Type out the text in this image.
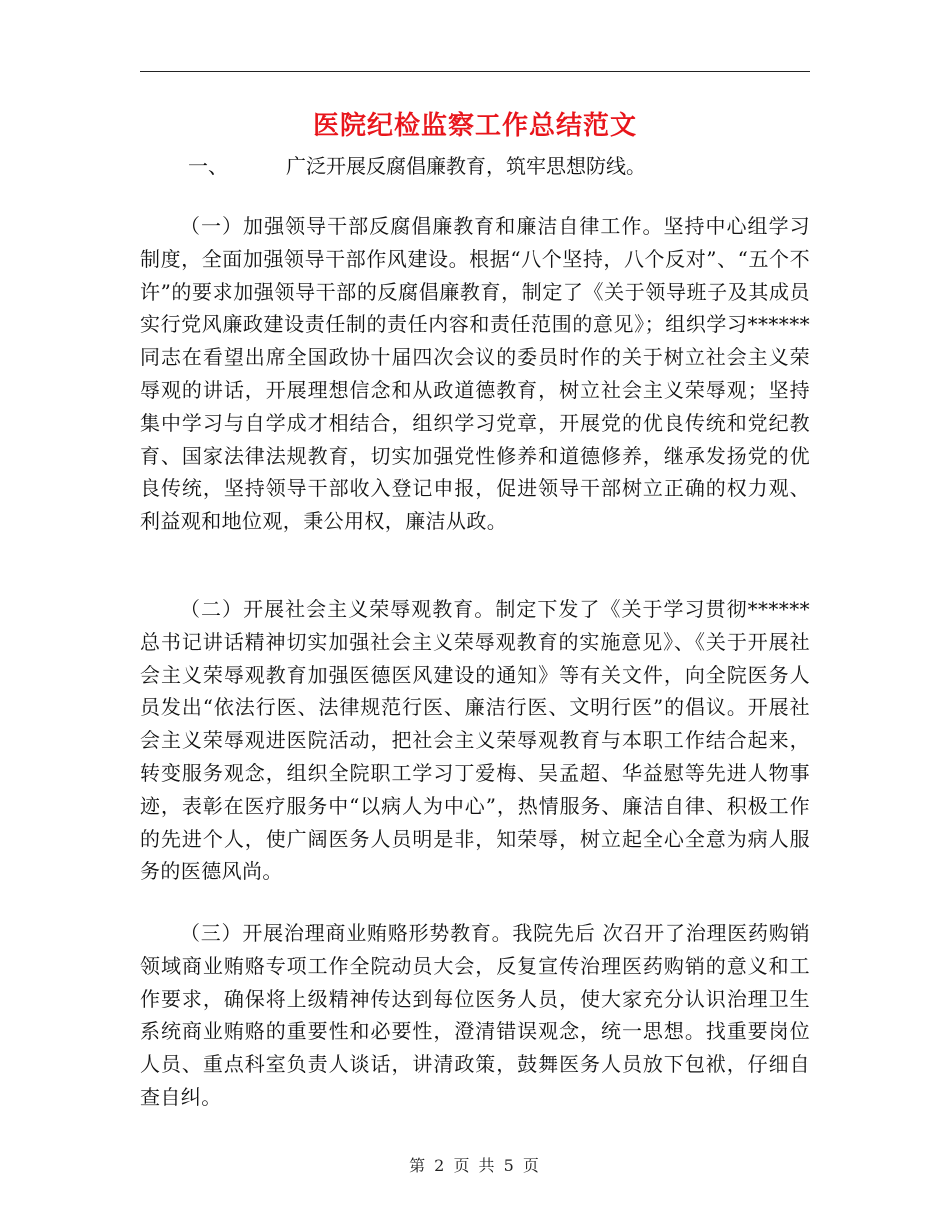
医院纪检监察工作总结范文
一、	广泛开展反腐倡廉教育，筑牢思想防线。

（一）加强领导干部反腐倡廉教育和廉洁自律工作。坚持中心组学习制度，全面加强领导干部作风建设。根据“八个坚持，八个反对”、“五个不许”的要求加强领导干部的反腐倡廉教育，制定了《关于领导班子及其成员实行党风廉政建设责任制的责任内容和责任范围的意见》；组织学习******同志在看望出席全国政协十届四次会议的委员时作的关于树立社会主义荣辱观的讲话，开展理想信念和从政道德教育，树立社会主义荣辱观；坚持集中学习与自学成才相结合，组织学习党章，开展党的优良传统和党纪教育、国家法律法规教育，切实加强党性修养和道德修养，继承发扬党的优良传统，坚持领导干部收入登记申报，促进领导干部树立正确的权力观、利益观和地位观，秉公用权，廉洁从政。

（二）开展社会主义荣辱观教育。制定下发了《关于学习贯彻******总书记讲话精神切实加强社会主义荣辱观教育的实施意见》、《关于开展社会主义荣辱观教育加强医德医风建设的通知》等有关文件，向全院医务人员发出“依法行医、法律规范行医、廉洁行医、文明行医”的倡议。开展社会主义荣辱观进医院活动，把社会主义荣辱观教育与本职工作结合起来，转变服务观念，组织全院职工学习丁爱梅、吴孟超、华益慰等先进人物事迹，表彰在医疗服务中“以病人为中心”，热情服务、廉洁自律、积极工作的先进个人，使广阔医务人员明是非，知荣辱，树立起全心全意为病人服务的医德风尚。

（三）开展治理商业贿赂形势教育。我院先后 次召开了治理医药购销领域商业贿赂专项工作全院动员大会，反复宣传治理医药购销的意义和工作要求，确保将上级精神传达到每位医务人员，使大家充分认识治理卫生系统商业贿赂的重要性和必要性，澄清错误观念，统一思想。找重要岗位人员、重点科室负责人谈话，讲清政策，鼓舞医务人员放下包袱，仔细自查自纠。

第 2 页 共 5 页
